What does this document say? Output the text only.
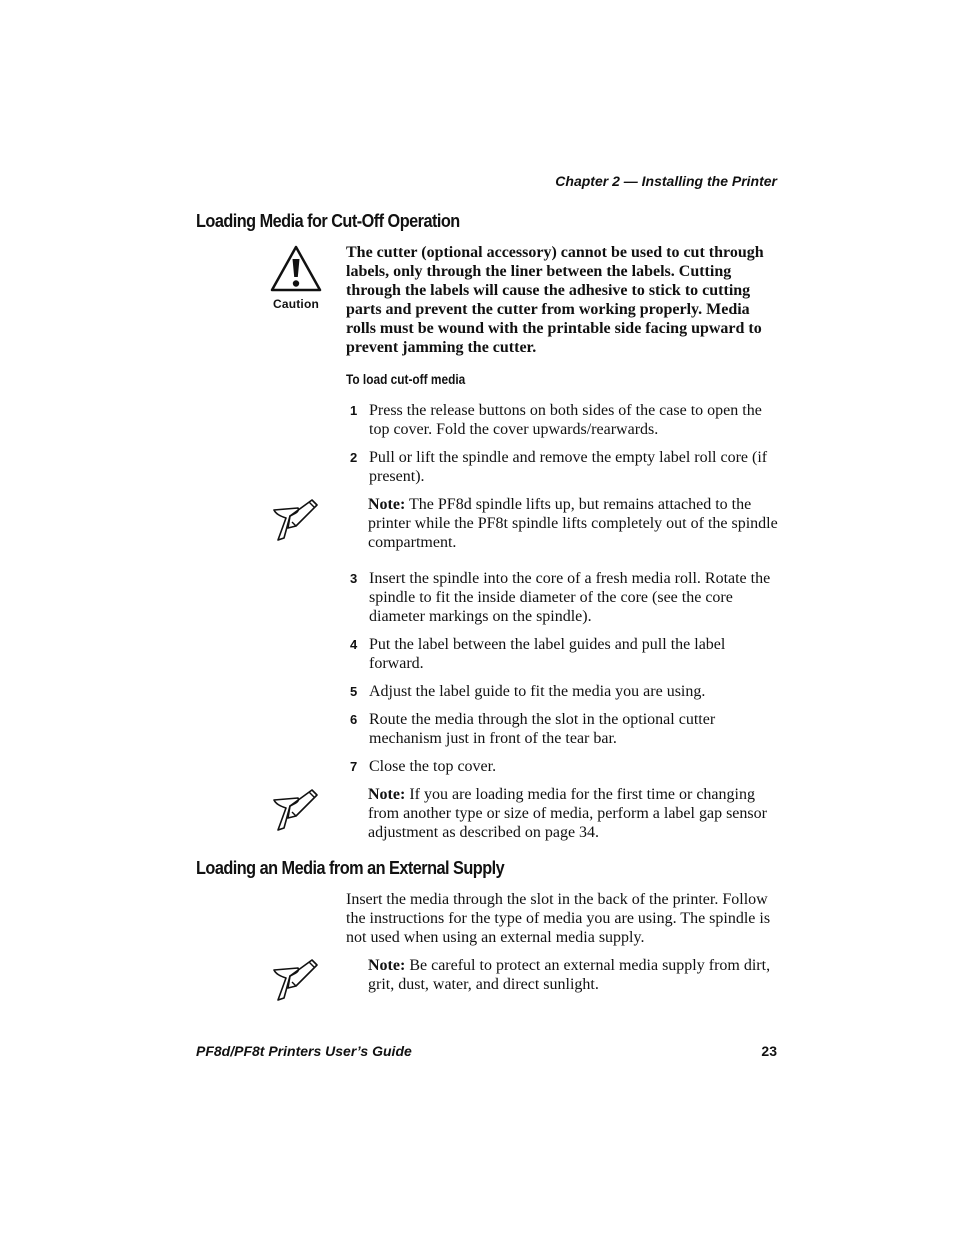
Chapter 2 — Installing the Printer
Loading Media for Cut-Off Operation
Caution
The cutter (optional accessory) cannot be used to cut through labels, only through the liner between the labels. Cutting through the labels will cause the adhesive to stick to cutting parts and prevent the cutter from working properly. Media rolls must be wound with the printable side facing upward to prevent jamming the cutter.
To load cut-off media
1 Press the release buttons on both sides of the case to open the top cover. Fold the cover upwards/rearwards.
2 Pull or lift the spindle and remove the empty label roll core (if present).
Note: The PF8d spindle lifts up, but remains attached to the printer while the PF8t spindle lifts completely out of the spindle compartment.
3 Insert the spindle into the core of a fresh media roll. Rotate the spindle to fit the inside diameter of the core (see the core diameter markings on the spindle).
4 Put the label between the label guides and pull the label forward.
5 Adjust the label guide to fit the media you are using.
6 Route the media through the slot in the optional cutter mechanism just in front of the tear bar.
7 Close the top cover.
Note: If you are loading media for the first time or changing from another type or size of media, perform a label gap sensor adjustment as described on page 34.
Loading an Media from an External Supply
Insert the media through the slot in the back of the printer. Follow the instructions for the type of media you are using. The spindle is not used when using an external media supply.
Note: Be careful to protect an external media supply from dirt, grit, dust, water, and direct sunlight.
PF8d/PF8t Printers User’s Guide	23
